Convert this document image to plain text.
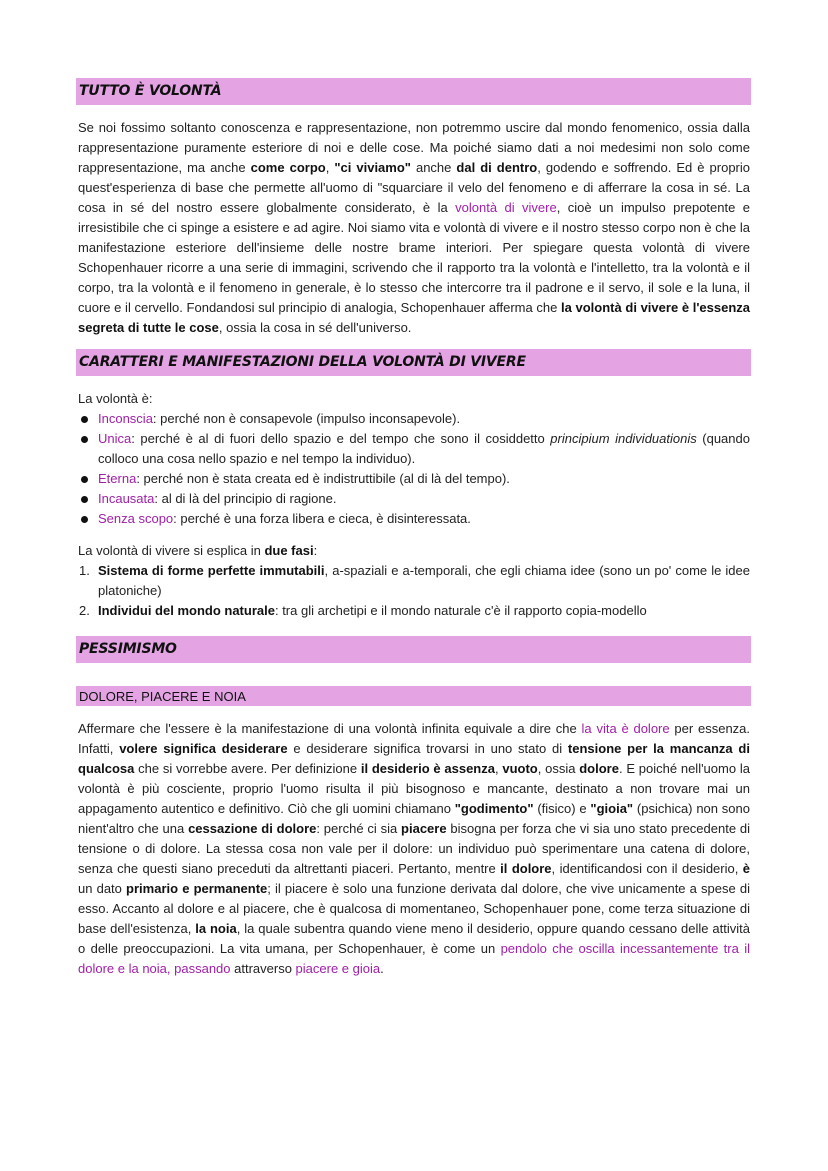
TUTTO È VOLONTÀ

Se noi fossimo soltanto conoscenza e rappresentazione, non potremmo uscire dal mondo fenomenico, ossia dalla rappresentazione puramente esteriore di noi e delle cose. Ma poiché siamo dati a noi medesimi non solo come rappresentazione, ma anche come corpo, "ci viviamo" anche dal di dentro, godendo e soffrendo. Ed è proprio quest'esperienza di base che permette all'uomo di "squarciare il velo del fenomeno e di afferrare la cosa in sé. La cosa in sé del nostro essere globalmente considerato, è la volontà di vivere, cioè un impulso prepotente e irresistibile che ci spinge a esistere e ad agire. Noi siamo vita e volontà di vivere e il nostro stesso corpo non è che la manifestazione esteriore dell'insieme delle nostre brame interiori. Per spiegare questa volontà di vivere Schopenhauer ricorre a una serie di immagini, scrivendo che il rapporto tra la volontà e l'intelletto, tra la volontà e il corpo, tra la volontà e il fenomeno in generale, è lo stesso che intercorre tra il padrone e il servo, il sole e la luna, il cuore e il cervello. Fondandosi sul principio di analogia, Schopenhauer afferma che la volontà di vivere è l'essenza segreta di tutte le cose, ossia la cosa in sé dell'universo.

CARATTERI E MANIFESTAZIONI DELLA VOLONTÀ DI VIVERE

La volontà è:

Inconscia: perché non è consapevole (impulso inconsapevole).
Unica: perché è al di fuori dello spazio e del tempo che sono il cosiddetto principium individuationis (quando colloco una cosa nello spazio e nel tempo la individuo).
Eterna: perché non è stata creata ed è indistruttibile (al di là del tempo).
Incausata: al di là del principio di ragione.
Senza scopo: perché è una forza libera e cieca, è disinteressata.

La volontà di vivere si esplica in due fasi:

1. Sistema di forme perfette immutabili, a-spaziali e a-temporali, che egli chiama idee (sono un po' come le idee platoniche)
2. Individui del mondo naturale: tra gli archetipi e il mondo naturale c'è il rapporto copia-modello
PESSIMISMO
DOLORE, PIACERE E NOIA

Affermare che l'essere è la manifestazione di una volontà infinita equivale a dire che la vita è dolore per essenza. Infatti, volere significa desiderare e desiderare significa trovarsi in uno stato di tensione per la mancanza di qualcosa che si vorrebbe avere. Per definizione il desiderio è assenza, vuoto, ossia dolore. E poiché nell'uomo la volontà è più cosciente, proprio l'uomo risulta il più bisognoso e mancante, destinato a non trovare mai un appagamento autentico e definitivo. Ciò che gli uomini chiamano "godimento" (fisico) e "gioia" (psichica) non sono nient'altro che una cessazione di dolore: perché ci sia piacere bisogna per forza che vi sia uno stato precedente di tensione o di dolore. La stessa cosa non vale per il dolore: un individuo può sperimentare una catena di dolore, senza che questi siano preceduti da altrettanti piaceri. Pertanto, mentre il dolore, identificandosi con il desiderio, è un dato primario e permanente; il piacere è solo una funzione derivata dal dolore, che vive unicamente a spese di esso. Accanto al dolore e al piacere, che è qualcosa di momentaneo, Schopenhauer pone, come terza situazione di base dell'esistenza, la noia, la quale subentra quando viene meno il desiderio, oppure quando cessano delle attività o delle preoccupazioni. La vita umana, per Schopenhauer, è come un pendolo che oscilla incessantemente tra il dolore e la noia, passando attraverso piacere e gioia.
